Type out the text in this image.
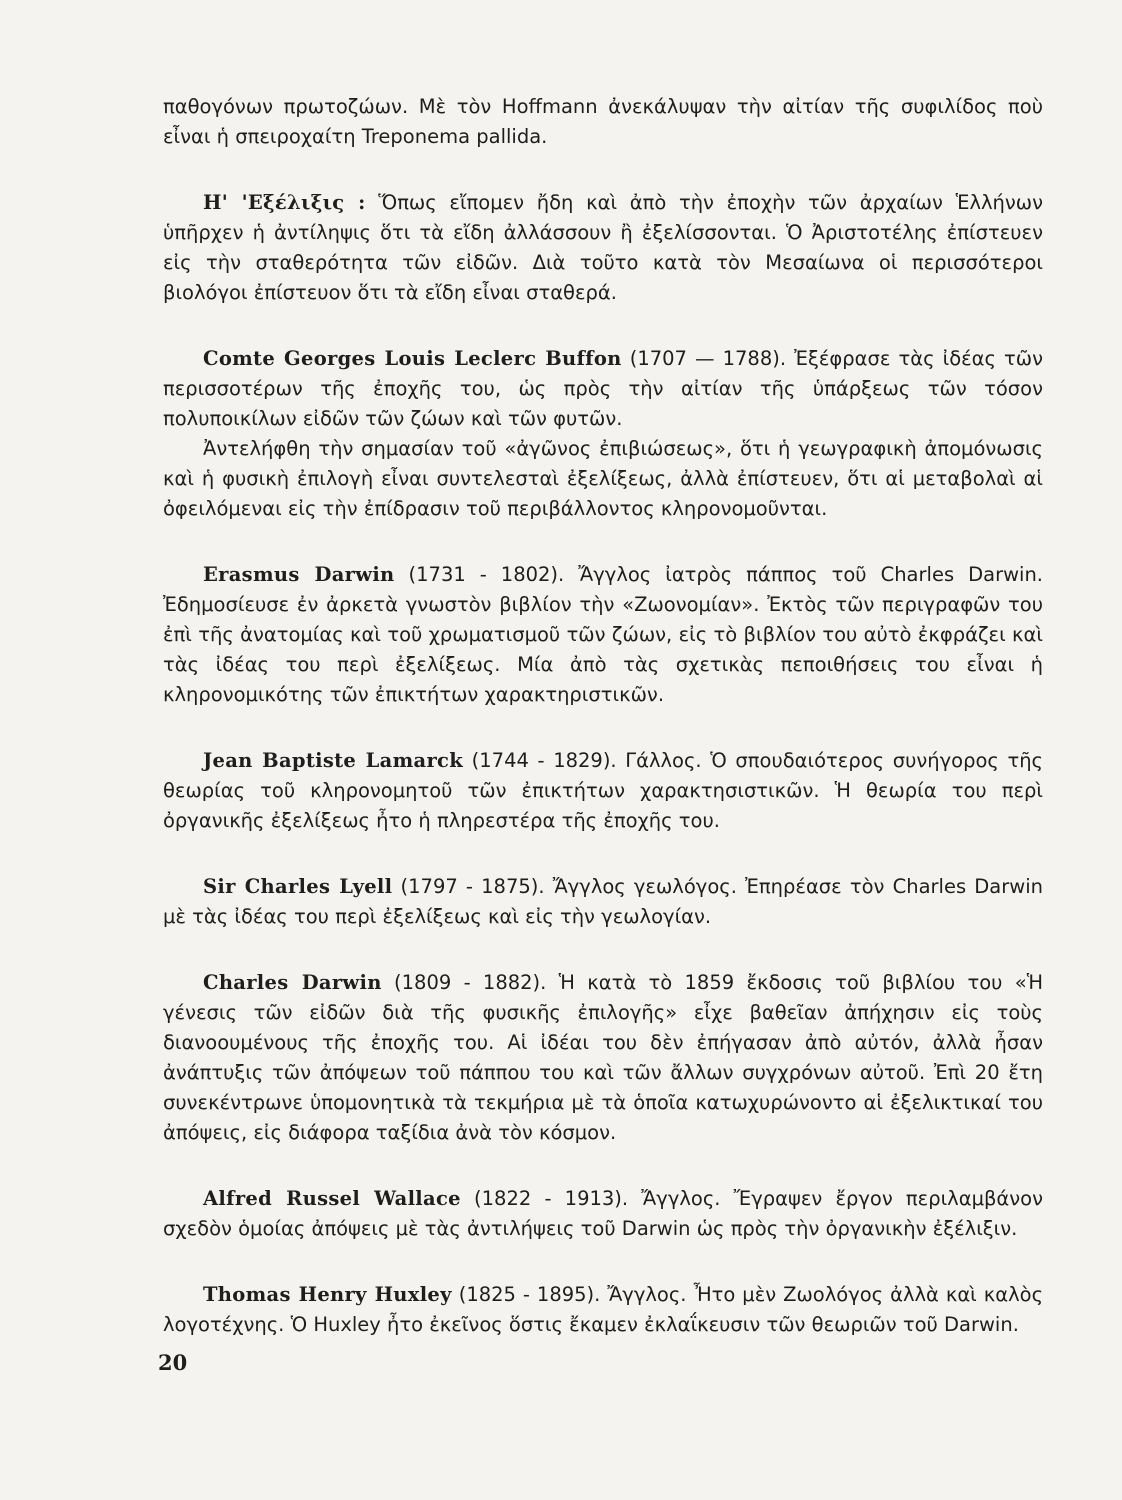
παθογόνων πρωτοζώων. Μὲ τὸν Hoffmann ἀνεκάλυψαν τὴν αἰτίαν τῆς συφιλίδος ποὺ εἶναι ἡ σπειροχαίτη Treponema pallida.

Η' 'Εξέλιξις : Ὅπως εἴπομεν ἤδη καὶ ἀπὸ τὴν ἐποχὴν τῶν ἀρχαίων Ἑλλήνων ὑπῆρχεν ἡ ἀντίληψις ὅτι τὰ εἴδη ἀλλάσσουν ἢ ἐξελίσσονται. Ὁ Ἀριστοτέλης ἐπίστευεν εἰς τὴν σταθερότητα τῶν εἰδῶν. Διὰ τοῦτο κατὰ τὸν Μεσαίωνα οἱ περισσότεροι βιολόγοι ἐπίστευον ὅτι τὰ εἴδη εἶναι σταθερά.

Comte Georges Louis Leclerc Buffon (1707 — 1788). Ἐξέφρασε τὰς ἰδέας τῶν περισσοτέρων τῆς ἐποχῆς του, ὡς πρὸς τὴν αἰτίαν τῆς ὑπάρξεως τῶν τόσον πολυποικίλων εἰδῶν τῶν ζώων καὶ τῶν φυτῶν.

Ἀντελήφθη τὴν σημασίαν τοῦ «ἀγῶνος ἐπιβιώσεως», ὅτι ἡ γεωγραφικὴ ἀπομόνωσις καὶ ἡ φυσικὴ ἐπιλογὴ εἶναι συντελεσταὶ ἐξελίξεως, ἀλλὰ ἐπίστευεν, ὅτι αἱ μεταβολαὶ αἱ ὀφειλόμεναι εἰς τὴν ἐπίδρασιν τοῦ περιβάλλοντος κληρονομοῦνται.

Erasmus Darwin (1731 - 1802). Ἄγγλος ἰατρὸς πάππος τοῦ Charles Darwin. Ἐδημοσίευσε ἐν ἀρκετὰ γνωστὸν βιβλίον τὴν «Ζωονομίαν». Ἐκτὸς τῶν περιγραφῶν του ἐπὶ τῆς ἀνατομίας καὶ τοῦ χρωματισμοῦ τῶν ζώων, εἰς τὸ βιβλίον του αὐτὸ ἐκφράζει καὶ τὰς ἰδέας του περὶ ἐξελίξεως. Μία ἀπὸ τὰς σχετικὰς πεποιθήσεις του εἶναι ἡ κληρονομικότης τῶν ἐπικτήτων χαρακτηριστικῶν.

Jean Baptiste Lamarck (1744 - 1829). Γάλλος. Ὁ σπουδαιότερος συνήγορος τῆς θεωρίας τοῦ κληρονομητοῦ τῶν ἐπικτήτων χαρακτησιστικῶν. Ἡ θεωρία του περὶ ὀργανικῆς ἐξελίξεως ἦτο ἡ πληρεστέρα τῆς ἐποχῆς του.

Sir Charles Lyell (1797 - 1875). Ἄγγλος γεωλόγος. Ἐπηρέασε τὸν Charles Darwin μὲ τὰς ἰδέας του περὶ ἐξελίξεως καὶ εἰς τὴν γεωλογίαν.

Charles Darwin (1809 - 1882). Ἡ κατὰ τὸ 1859 ἔκδοσις τοῦ βιβλίου του «Ἡ γένεσις τῶν εἰδῶν διὰ τῆς φυσικῆς ἐπιλογῆς» εἶχε βαθεῖαν ἀπήχησιν εἰς τοὺς διανοουμένους τῆς ἐποχῆς του. Αἱ ἰδέαι του δὲν ἐπήγασαν ἀπὸ αὐτόν, ἀλλὰ ἦσαν ἀνάπτυξις τῶν ἀπόψεων τοῦ πάππου του καὶ τῶν ἄλλων συγχρόνων αὐτοῦ. Ἐπὶ 20 ἔτη συνεκέντρωνε ὑπομονητικὰ τὰ τεκμήρια μὲ τὰ ὁποῖα κατωχυρώνοντο αἱ ἐξελικτικαί του ἀπόψεις, εἰς διάφορα ταξίδια ἀνὰ τὸν κόσμον.

Alfred Russel Wallace (1822 - 1913). Ἄγγλος. Ἔγραψεν ἔργον περιλαμβάνον σχεδὸν ὁμοίας ἀπόψεις μὲ τὰς ἀντιλήψεις τοῦ Darwin ὡς πρὸς τὴν ὀργανικὴν ἐξέλιξιν.

Thomas Henry Huxley (1825 - 1895). Ἄγγλος. Ἦτο μὲν Ζωολόγος ἀλλὰ καὶ καλὸς λογοτέχνης. Ὁ Huxley ἦτο ἐκεῖνος ὅστις ἔκαμεν ἐκλαΐκευσιν τῶν θεωριῶν τοῦ Darwin.

20
